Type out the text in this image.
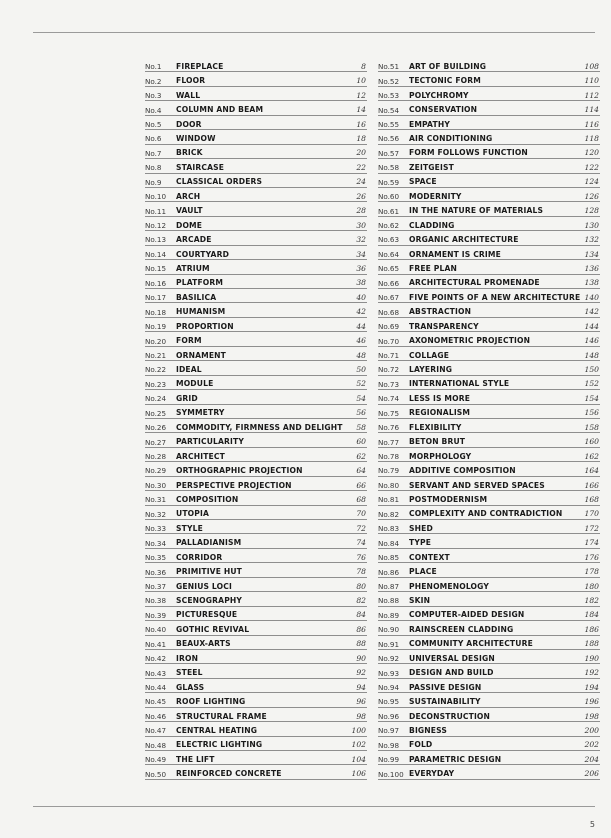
No.1 FIREPLACE	8
No.2 FLOOR	10
No.3 WALL	12
No.4 COLUMN AND BEAM	14
No.5 DOOR	16
No.6 WINDOW	18
No.7 BRICK	20
No.8 STAIRCASE	22
No.9 CLASSICAL ORDERS	24
No.10 ARCH	26
No.11 VAULT	28
No.12 DOME	30
No.13 ARCADE	32
No.14 COURTYARD	34
No.15 ATRIUM	36
No.16 PLATFORM	38
No.17 BASILICA	40
No.18 HUMANISM	42
No.19 PROPORTION	44
No.20 FORM	46
No.21 ORNAMENT	48
No.22 IDEAL	50
No.23 MODULE	52
No.24 GRID	54
No.25 SYMMETRY	56
No.26 COMMODITY, FIRMNESS AND DELIGHT 58
No.27 PARTICULARITY	60
No.28 ARCHITECT	62
No.29 ORTHOGRAPHIC PROJECTION	64
No.30 PERSPECTIVE PROJECTION	66
No.31 COMPOSITION	68
No.32 UTOPIA	70
No.33 STYLE	72
No.34 PALLADIANISM	74
No.35 CORRIDOR	76
No.36 PRIMITIVE HUT	78
No.37 GENIUS LOCI	80
No.38 SCENOGRAPHY	82
No.39 PICTURESQUE	84
No.40 GOTHIC REVIVAL	86
No.41 BEAUX-ARTS	88
No.42 IRON	90
No.43 STEEL	92
No.44 GLASS	94
No.45 ROOF LIGHTING	96
No.46 STRUCTURAL FRAME	98
No.47 CENTRAL HEATING	100
No.48 ELECTRIC LIGHTING	102
No.49 THE LIFT	104
No.50 REINFORCED CONCRETE	106
No.51 ART OF BUILDING	108
No.52 TECTONIC FORM	110
No.53 POLYCHROMY	112
No.54 CONSERVATION	114
No.55 EMPATHY	116
No.56 AIR CONDITIONING	118
No.57 FORM FOLLOWS FUNCTION	120
No.58 ZEITGEIST	122
No.59 SPACE	124
No.60 MODERNITY	126
No.61 IN THE NATURE OF MATERIALS	128
No.62 CLADDING	130
No.63 ORGANIC ARCHITECTURE	132
No.64 ORNAMENT IS CRIME	134
No.65 FREE PLAN	136
No.66 ARCHITECTURAL PROMENADE	138
No.67 FIVE POINTS OF A NEW ARCHITECTURE 140
No.68 ABSTRACTION	142
No.69 TRANSPARENCY	144
No.70 AXONOMETRIC PROJECTION	146
No.71 COLLAGE	148
No.72 LAYERING	150
No.73 INTERNATIONAL STYLE	152
No.74 LESS IS MORE	154
No.75 REGIONALISM	156
No.76 FLEXIBILITY	158
No.77 BETON BRUT	160
No.78 MORPHOLOGY	162
No.79 ADDITIVE COMPOSITION	164
No.80 SERVANT AND SERVED SPACES	166
No.81 POSTMODERNISM	168
No.82 COMPLEXITY AND CONTRADICTION	170
No.83 SHED	172
No.84 TYPE	174
No.85 CONTEXT	176
No.86 PLACE	178
No.87 PHENOMENOLOGY	180
No.88 SKIN	182
No.89 COMPUTER-AIDED DESIGN	184
No.90 RAINSCREEN CLADDING	186
No.91 COMMUNITY ARCHITECTURE	188
No.92 UNIVERSAL DESIGN	190
No.93 DESIGN AND BUILD	192
No.94 PASSIVE DESIGN	194
No.95 SUSTAINABILITY	196
No.96 DECONSTRUCTION	198
No.97 BIGNESS	200
No.98 FOLD	202
No.99 PARAMETRIC DESIGN	204
No.100 EVERYDAY	206
5
